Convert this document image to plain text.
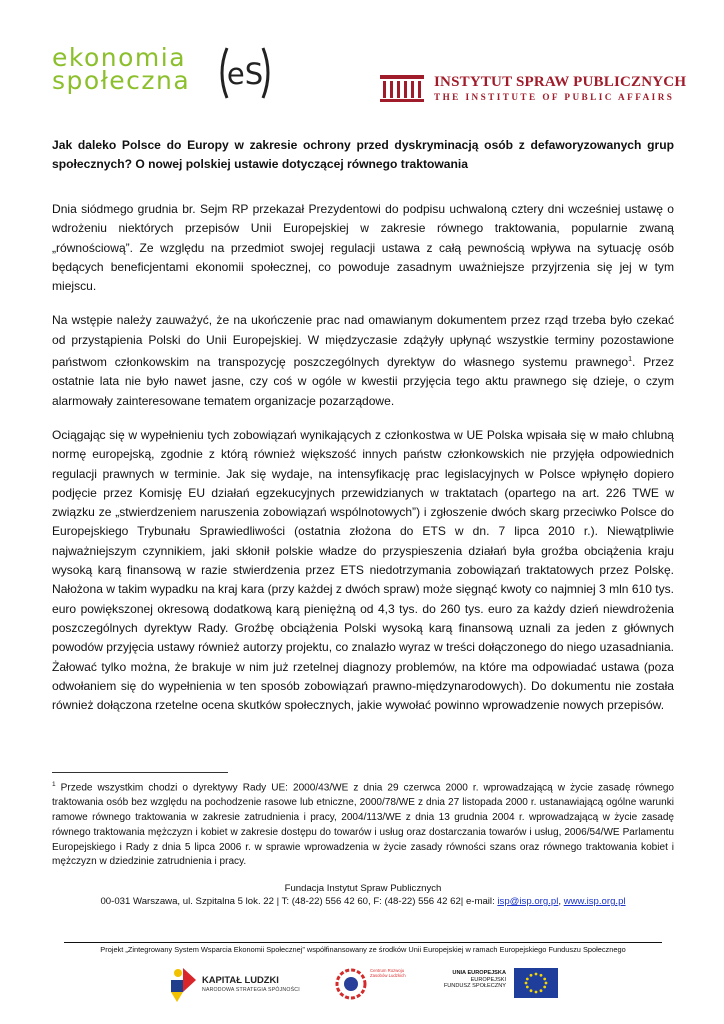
ekonomia
społeczna eS	INSTYTUT SPRAW PUBLICZNYCH
THE INSTITUTE OF PUBLIC AFFAIRS
Jak daleko Polsce do Europy w zakresie ochrony przed dyskryminacją osób z defaworyzowanych grup społecznych? O nowej polskiej ustawie dotyczącej równego traktowania

Dnia siódmego grudnia br. Sejm RP przekazał Prezydentowi do podpisu uchwaloną cztery dni wcześniej ustawę o wdrożeniu niektórych przepisów Unii Europejskiej w zakresie równego traktowania, popularnie zwaną „równościową”. Ze względu na przedmiot swojej regulacji ustawa z całą pewnością wpływa na sytuację osób będących beneficjentami ekonomii społecznej, co powoduje zasadnym uważniejsze przyjrzenia się jej w tym miejscu.

Na wstępie należy zauważyć, że na ukończenie prac nad omawianym dokumentem przez rząd trzeba było czekać od przystąpienia Polski do Unii Europejskiej. W międzyczasie zdążyły upłynąć wszystkie terminy pozostawione państwom członkowskim na transpozycję poszczególnych dyrektyw do własnego systemu prawnego$^1$. Przez ostatnie lata nie było nawet jasne, czy coś w ogóle w kwestii przyjęcia tego aktu prawnego się dzieje, o czym alarmowały zainteresowane tematem organizacje pozarządowe.

Ociągając się w wypełnieniu tych zobowiązań wynikających z członkostwa w UE Polska wpisała się w mało chlubną normę europejską, zgodnie z którą również większość innych państw członkowskich nie przyjęła odpowiednich regulacji prawnych w terminie. Jak się wydaje, na intensyfikację prac legislacyjnych w Polsce wpłynęło dopiero podjęcie przez Komisję EU działań egzekucyjnych przewidzianych w traktatach (opartego na art. 226 TWE w związku ze „stwierdzeniem naruszenia zobowiązań wspólnotowych”) i zgłoszenie dwóch skarg przeciwko Polsce do Europejskiego Trybunału Sprawiedliwości (ostatnia złożona do ETS w dn. 7 lipca 2010 r.). Niewątpliwie najważniejszym czynnikiem, jaki skłonił polskie władze do przyspieszenia działań była groźba obciążenia kraju wysoką karą finansową w razie stwierdzenia przez ETS niedotrzymania zobowiązań traktatowych przez Polskę. Nałożona w takim wypadku na kraj kara (przy każdej z dwóch spraw) może sięgnąć kwoty co najmniej 3 mln 610 tys. euro powiększonej okresową dodatkową karą pieniężną od 4,3 tys. do 260 tys. euro za każdy dzień niewdrożenia poszczególnych dyrektyw Rady. Groźbę obciążenia Polski wysoką karą finansową uznali za jeden z głównych powodów przyjęcia ustawy również autorzy projektu, co znalazło wyraz w treści dołączonego do niego uzasadniania. Żałować tylko można, że brakuje w nim już rzetelnej diagnozy problemów, na które ma odpowiadać ustawa (poza odwołaniem się do wypełnienia w ten sposób zobowiązań prawno-międzynarodowych). Do dokumentu nie została również dołączona rzetelne ocena skutków społecznych, jakie wywołać powinno wprowadzenie nowych przepisów.

$^1$ Przede wszystkim chodzi o dyrektywy Rady UE: 2000/43/WE z dnia 29 czerwca 2000 r. wprowadzającą w życie zasadę równego traktowania osób bez względu na pochodzenie rasowe lub etniczne, 2000/78/WE z dnia 27 listopada 2000 r. ustanawiającą ogólne warunki ramowe równego traktowania w zakresie zatrudnienia i pracy, 2004/113/WE z dnia 13 grudnia 2004 r. wprowadzającą w życie zasadę równego traktowania mężczyzn i kobiet w zakresie dostępu do towarów i usług oraz dostarczania towarów i usług, 2006/54/WE Parlamentu Europejskiego i Rady z dnia 5 lipca 2006 r. w sprawie wprowadzenia w życie zasady równości szans oraz równego traktowania kobiet i mężczyzn w dziedzinie zatrudnienia i pracy.
Fundacja Instytut Spraw Publicznych
00-031 Warszawa, ul. Szpitalna 5 lok. 22 | T: (48-22) 556 42 60, F: (48-22) 556 42 62| e-mail: isp@isp.org.pl, www.isp.org.pl
Projekt „Zintegrowany System Wsparcia Ekonomii Społecznej” współfinansowany ze środków Unii Europejskiej w ramach Europejskiego Funduszu Społecznego
KAPITAŁ LUDZKI
NARODOWA STRATEGIA SPÓJNOŚCI
Centrum Rozwoju Zasobów Ludzkich	UNIA EUROPEJSKA
EUROPEJSKI
FUNDUSZ SPOŁECZNY
